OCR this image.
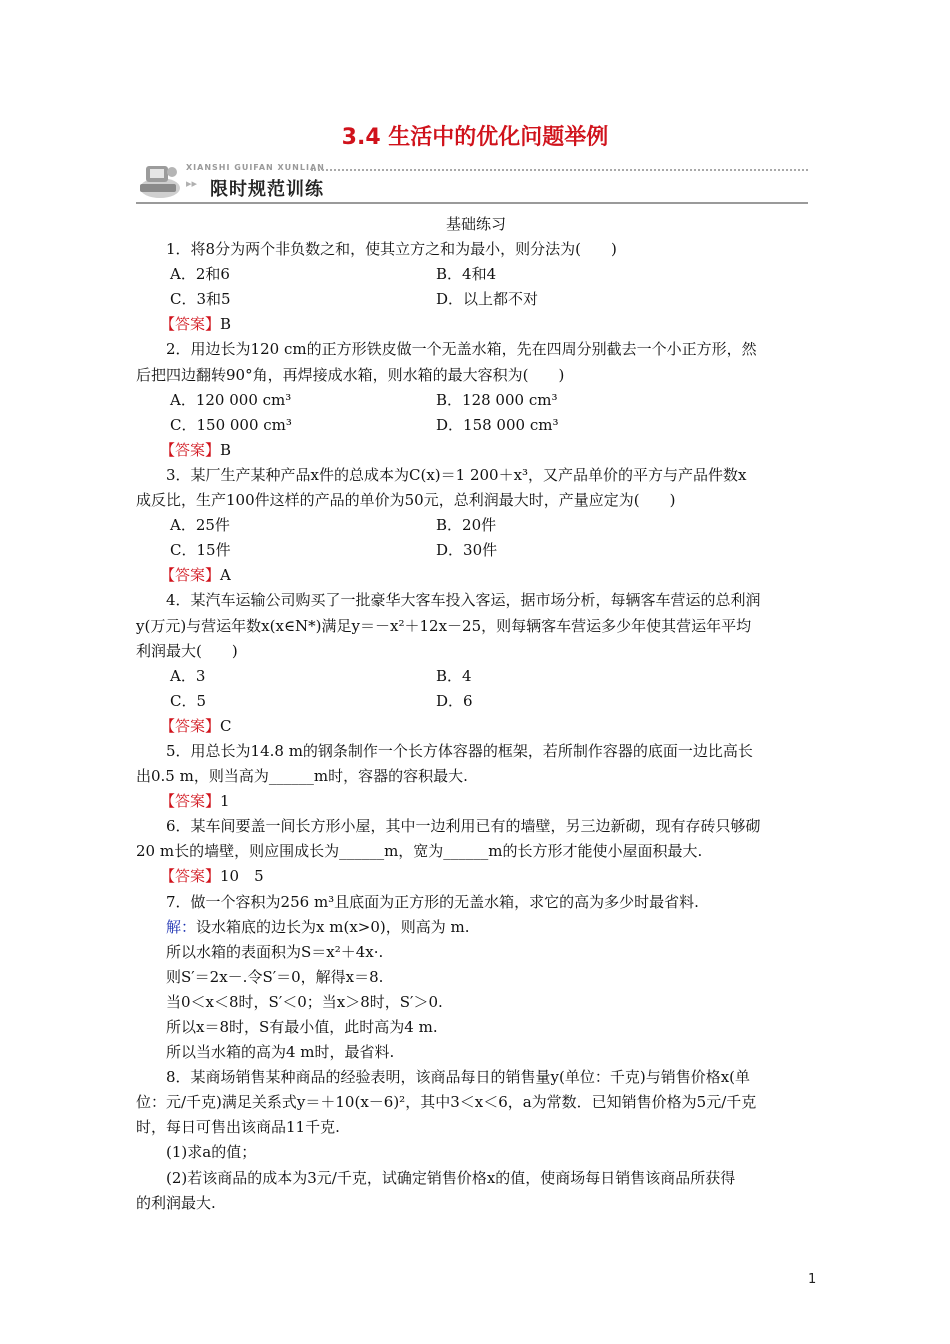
3.4 生活中的优化问题举例
XIANSHI GUIFAN XUNLIAN
▸▸ 限时规范训练

基础练习

1．将8分为两个非负数之和，使其立方之和为最小，则分法为(　　)

A．2和6	B．4和4
C．3和5	D．以上都不对

【答案】B

2．用边长为120 cm的正方形铁皮做一个无盖水箱，先在四周分别截去一个小正方形，然

后把四边翻转90°角，再焊接成水箱，则水箱的最大容积为(　　)

A．120 000 cm³	B．128 000 cm³
C．150 000 cm³	D．158 000 cm³

【答案】B

3．某厂生产某种产品x件的总成本为C(x)＝1 200＋x³，又产品单价的平方与产品件数x

成反比，生产100件这样的产品的单价为50元，总利润最大时，产量应定为(　　)

A．25件	B．20件
C．15件	D．30件

【答案】A

4．某汽车运输公司购买了一批豪华大客车投入客运，据市场分析，每辆客车营运的总利润

y(万元)与营运年数x(x∈N*)满足y＝－x²＋12x－25，则每辆客车营运多少年使其营运年平均

利润最大(　　)

A．3	B．4
C．5	D．6

【答案】C

5．用总长为14.8 m的钢条制作一个长方体容器的框架，若所制作容器的底面一边比高长

出0.5 m，则当高为______m时，容器的容积最大.

【答案】1

6．某车间要盖一间长方形小屋，其中一边利用已有的墙壁，另三边新砌，现有存砖只够砌

20 m长的墙壁，则应围成长为______m，宽为______m的长方形才能使小屋面积最大.

【答案】10　5

7．做一个容积为256 m³且底面为正方形的无盖水箱，求它的高为多少时最省料.

解：设水箱底的边长为x m(x>0)，则高为 m.

所以水箱的表面积为S＝x²＋4x·.

则S′＝2x－.令S′＝0，解得x＝8.

当0＜x＜8时，S′＜0；当x＞8时，S′＞0.

所以x＝8时，S有最小值，此时高为4 m.

所以当水箱的高为4 m时，最省料.

8．某商场销售某种商品的经验表明，该商品每日的销售量y(单位：千克)与销售价格x(单

位：元/千克)满足关系式y＝＋10(x－6)²，其中3＜x＜6，a为常数．已知销售价格为5元/千克

时，每日可售出该商品11千克.

(1)求a的值；

(2)若该商品的成本为3元/千克，试确定销售价格x的值，使商场每日销售该商品所获得

的利润最大.

1
